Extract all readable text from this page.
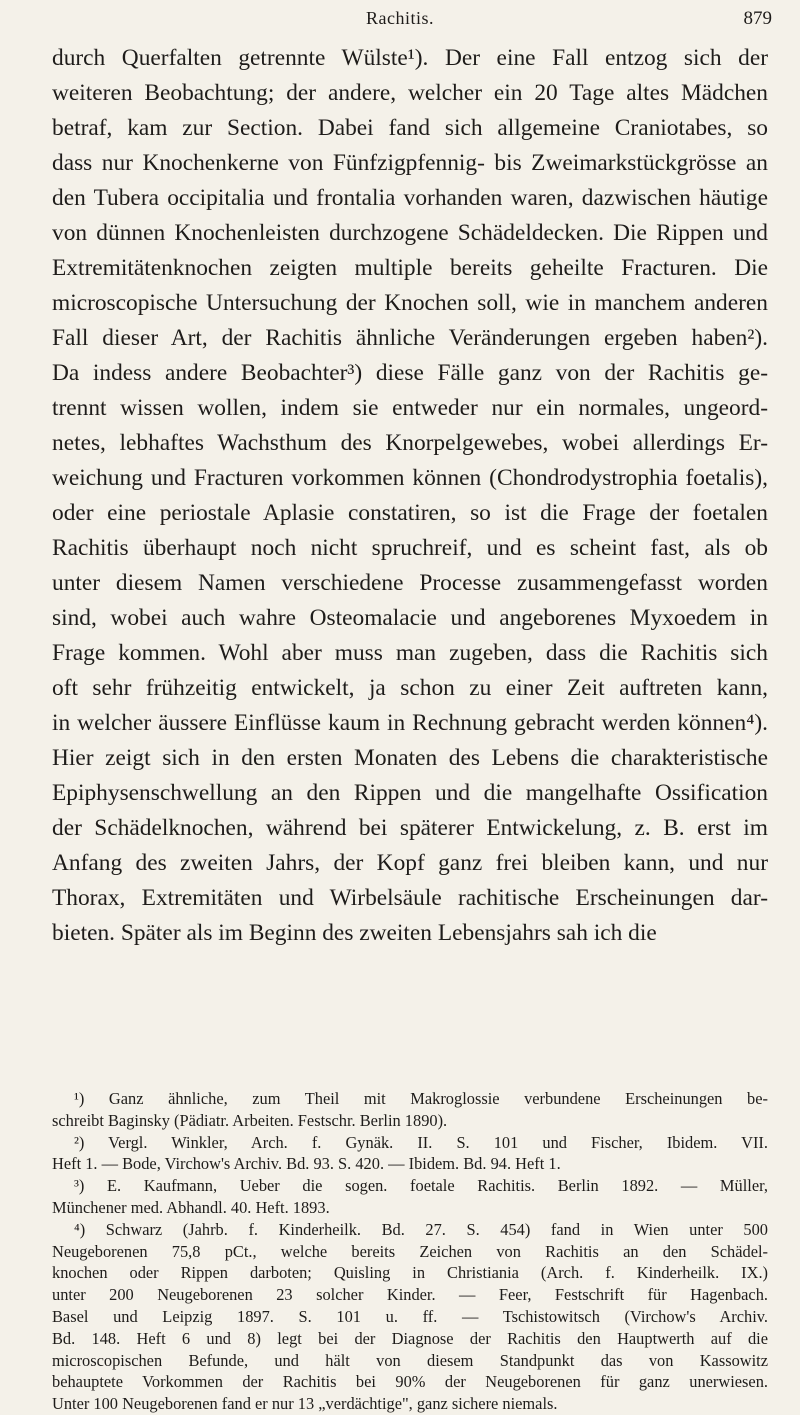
Rachitis.	879
durch Querfalten getrennte Wülste¹). Der eine Fall entzog sich der
weiteren Beobachtung; der andere, welcher ein 20 Tage altes Mädchen
betraf, kam zur Section. Dabei fand sich allgemeine Craniotabes, so
dass nur Knochenkerne von Fünfzigpfennig- bis Zweimarkstückgrösse an
den Tubera occipitalia und frontalia vorhanden waren, dazwischen häutige
von dünnen Knochenleisten durchzogene Schädeldecken. Die Rippen und
Extremitätenknochen zeigten multiple bereits geheilte Fracturen. Die
microscopische Untersuchung der Knochen soll, wie in manchem anderen
Fall dieser Art, der Rachitis ähnliche Veränderungen ergeben haben²).
Da indess andere Beobachter³) diese Fälle ganz von der Rachitis ge-
trennt wissen wollen, indem sie entweder nur ein normales, ungeord-
netes, lebhaftes Wachsthum des Knorpelgewebes, wobei allerdings Er-
weichung und Fracturen vorkommen können (Chondrodystrophia foetalis),
oder eine periostale Aplasie constatiren, so ist die Frage der foetalen
Rachitis überhaupt noch nicht spruchreif, und es scheint fast, als ob
unter diesem Namen verschiedene Processe zusammengefasst worden
sind, wobei auch wahre Osteomalacie und angeborenes Myxoedem in
Frage kommen. Wohl aber muss man zugeben, dass die Rachitis sich
oft sehr frühzeitig entwickelt, ja schon zu einer Zeit auftreten kann,
in welcher äussere Einflüsse kaum in Rechnung gebracht werden können⁴).
Hier zeigt sich in den ersten Monaten des Lebens die charakteristische
Epiphysenschwellung an den Rippen und die mangelhafte Ossification
der Schädelknochen, während bei späterer Entwickelung, z. B. erst im
Anfang des zweiten Jahrs, der Kopf ganz frei bleiben kann, und nur
Thorax, Extremitäten und Wirbelsäule rachitische Erscheinungen dar-
bieten. Später als im Beginn des zweiten Lebensjahrs sah ich die
¹) Ganz ähnliche, zum Theil mit Makroglossie verbundene Erscheinungen be-
schreibt Baginsky (Pädiatr. Arbeiten. Festschr. Berlin 1890).
²) Vergl. Winkler, Arch. f. Gynäk. II. S. 101 und Fischer, Ibidem. VII.
Heft 1. — Bode, Virchow's Archiv. Bd. 93. S. 420. — Ibidem. Bd. 94. Heft 1.
³) E. Kaufmann, Ueber die sogen. foetale Rachitis. Berlin 1892. — Müller,
Münchener med. Abhandl. 40. Heft. 1893.
⁴) Schwarz (Jahrb. f. Kinderheilk. Bd. 27. S. 454) fand in Wien unter 500
Neugeborenen 75,8 pCt., welche bereits Zeichen von Rachitis an den Schädel-
knochen oder Rippen darboten; Quisling in Christiania (Arch. f. Kinderheilk. IX.)
unter 200 Neugeborenen 23 solcher Kinder. — Feer, Festschrift für Hagenbach.
Basel und Leipzig 1897. S. 101 u. ff. — Tschistowitsch (Virchow's Archiv.
Bd. 148. Heft 6 und 8) legt bei der Diagnose der Rachitis den Hauptwerth auf die
microscopischen Befunde, und hält von diesem Standpunkt das von Kassowitz
behauptete Vorkommen der Rachitis bei 90% der Neugeborenen für ganz unerwiesen.
Unter 100 Neugeborenen fand er nur 13 „verdächtige", ganz sichere niemals.
